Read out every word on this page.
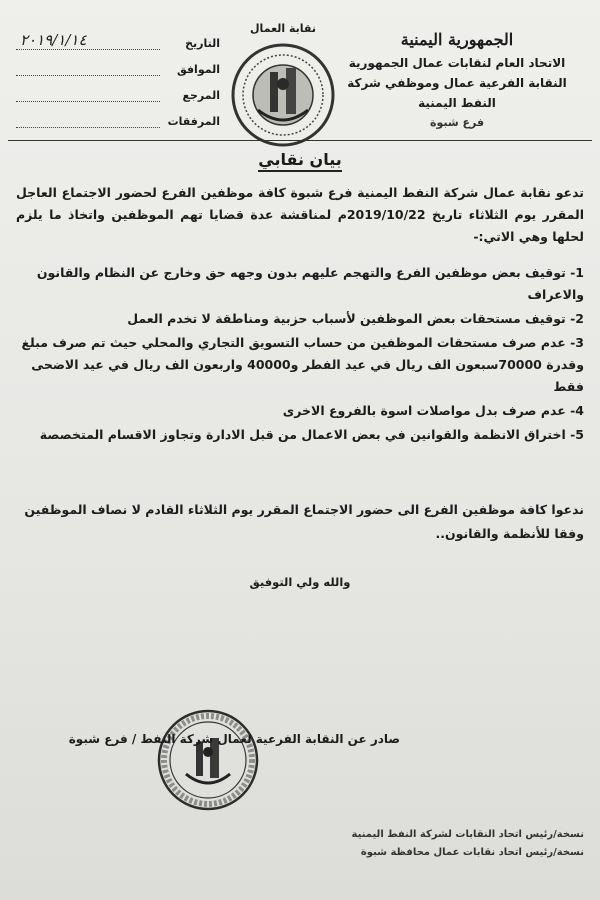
الجمهورية اليمنية
الاتحاد العام لنقابات عمال الجمهورية
النقابة الفرعية عمال وموظفي شركة النفط اليمنية
فرع شبوة
نقابة العمال
التاريخ
٢٠١٩/١/١٤
الموافق
المرجع
المرفقات
بيان نقابي
تدعو نقابة عمال شركة النفط اليمنية فرع شبوة كافة موظفين الفرع لحضور الاجتماع العاجل المقرر يوم الثلاثاء تاريخ 2019/10/22م لمناقشة عدة قضايا تهم الموظفين واتخاذ ما يلزم لحلها وهي الاتي:-
1- توقيف بعض موظفين الفرع والتهجم عليهم بدون وجهه حق وخارج عن النظام والقانون والاعراف
2- توقيف مستحقات بعض الموظفين لأسباب حزبية ومناطقة لا تخدم العمل
3- عدم صرف مستحقات الموظفين من حساب التسويق التجاري والمحلي حيث تم صرف مبلغ وقدرة 70000سبعون الف ريال في عيد الفطر و40000 واربعون الف ريال في عيد الاضحى فقط
4- عدم صرف بدل مواصلات اسوة بالفروع الاخرى
5- اختراق الانظمة والقوانين في بعض الاعمال من قبل الادارة وتجاوز الاقسام المتخصصة
ندعوا كافة موظفين الفرع الى حضور الاجتماع المقرر يوم الثلاثاء القادم لا نصاف الموظفين وفقا للأنظمة والقانون..
والله ولي التوفيق
صادر عن النقابة الفرعية لعمال شركة النفط / فرع شبوة
نسخة/رئيس اتحاد النقابات لشركة النفط اليمنية
نسخة/رئيس اتحاد نقابات عمال محافظة شبوة
